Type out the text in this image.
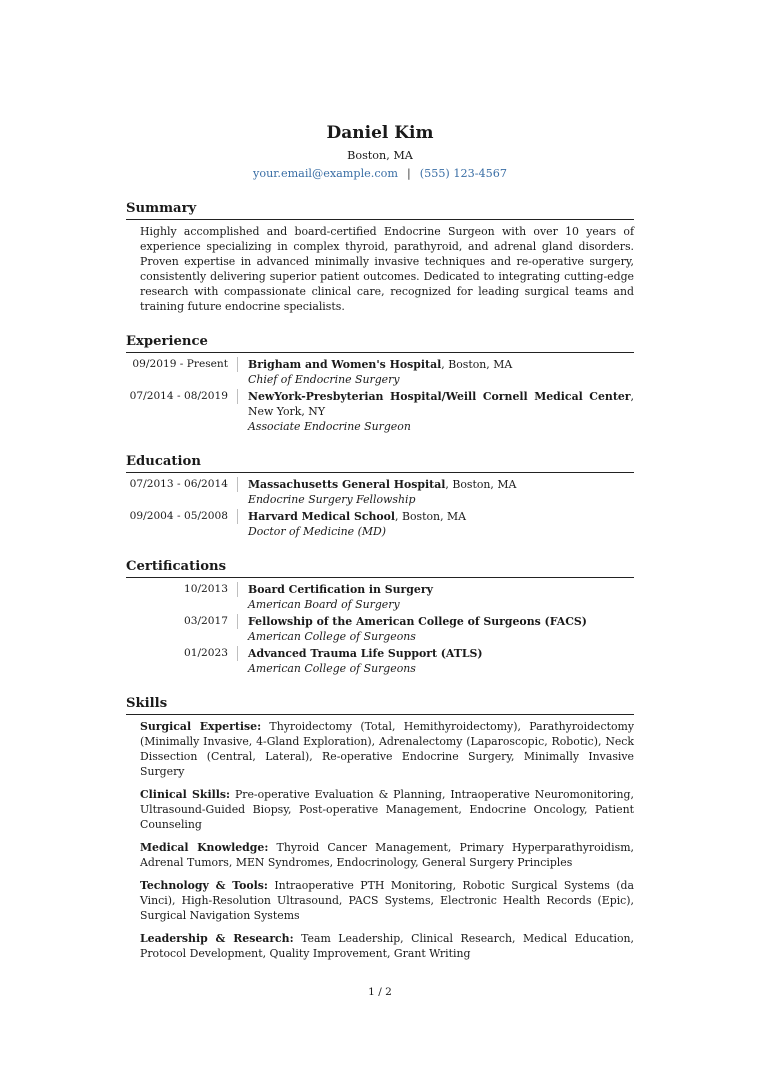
Daniel Kim
Boston, MA
your.email@example.com | (555) 123-4567
Summary
Highly accomplished and board-certified Endocrine Surgeon with over 10 years of experience specializing in complex thyroid, parathyroid, and adrenal gland disorders. Proven expertise in advanced minimally invasive techniques and re-operative surgery, consistently delivering superior patient outcomes. Dedicated to integrating cutting-edge research with compassionate clinical care, recognized for leading surgical teams and training future endocrine specialists.
Experience
09/2019 - Present	Brigham and Women's Hospital, Boston, MA
Chief of Endocrine Surgery
07/2014 - 08/2019	NewYork-Presbyterian Hospital/Weill Cornell Medical Center,
New York, NY
Associate Endocrine Surgeon
Education
07/2013 - 06/2014	Massachusetts General Hospital, Boston, MA
Endocrine Surgery Fellowship
09/2004 - 05/2008	Harvard Medical School, Boston, MA
Doctor of Medicine (MD)
Certifications
10/2013	Board Certification in Surgery
American Board of Surgery
03/2017	Fellowship of the American College of Surgeons (FACS)
American College of Surgeons
01/2023	Advanced Trauma Life Support (ATLS)
American College of Surgeons
Skills
Surgical Expertise: Thyroidectomy (Total, Hemithyroidectomy), Parathyroidectomy (Minimally Invasive, 4-Gland Exploration), Adrenalectomy (Laparoscopic, Robotic), Neck Dissection (Central, Lateral), Re-operative Endocrine Surgery, Minimally Invasive Surgery
Clinical Skills: Pre-operative Evaluation & Planning, Intraoperative Neuromonitoring, Ultrasound-Guided Biopsy, Post-operative Management, Endocrine Oncology, Patient Counseling
Medical Knowledge: Thyroid Cancer Management, Primary Hyperparathyroidism, Adrenal Tumors, MEN Syndromes, Endocrinology, General Surgery Principles
Technology & Tools: Intraoperative PTH Monitoring, Robotic Surgical Systems (da Vinci), High-Resolution Ultrasound, PACS Systems, Electronic Health Records (Epic), Surgical Navigation Systems
Leadership & Research: Team Leadership, Clinical Research, Medical Education, Protocol Development, Quality Improvement, Grant Writing
1 / 2
